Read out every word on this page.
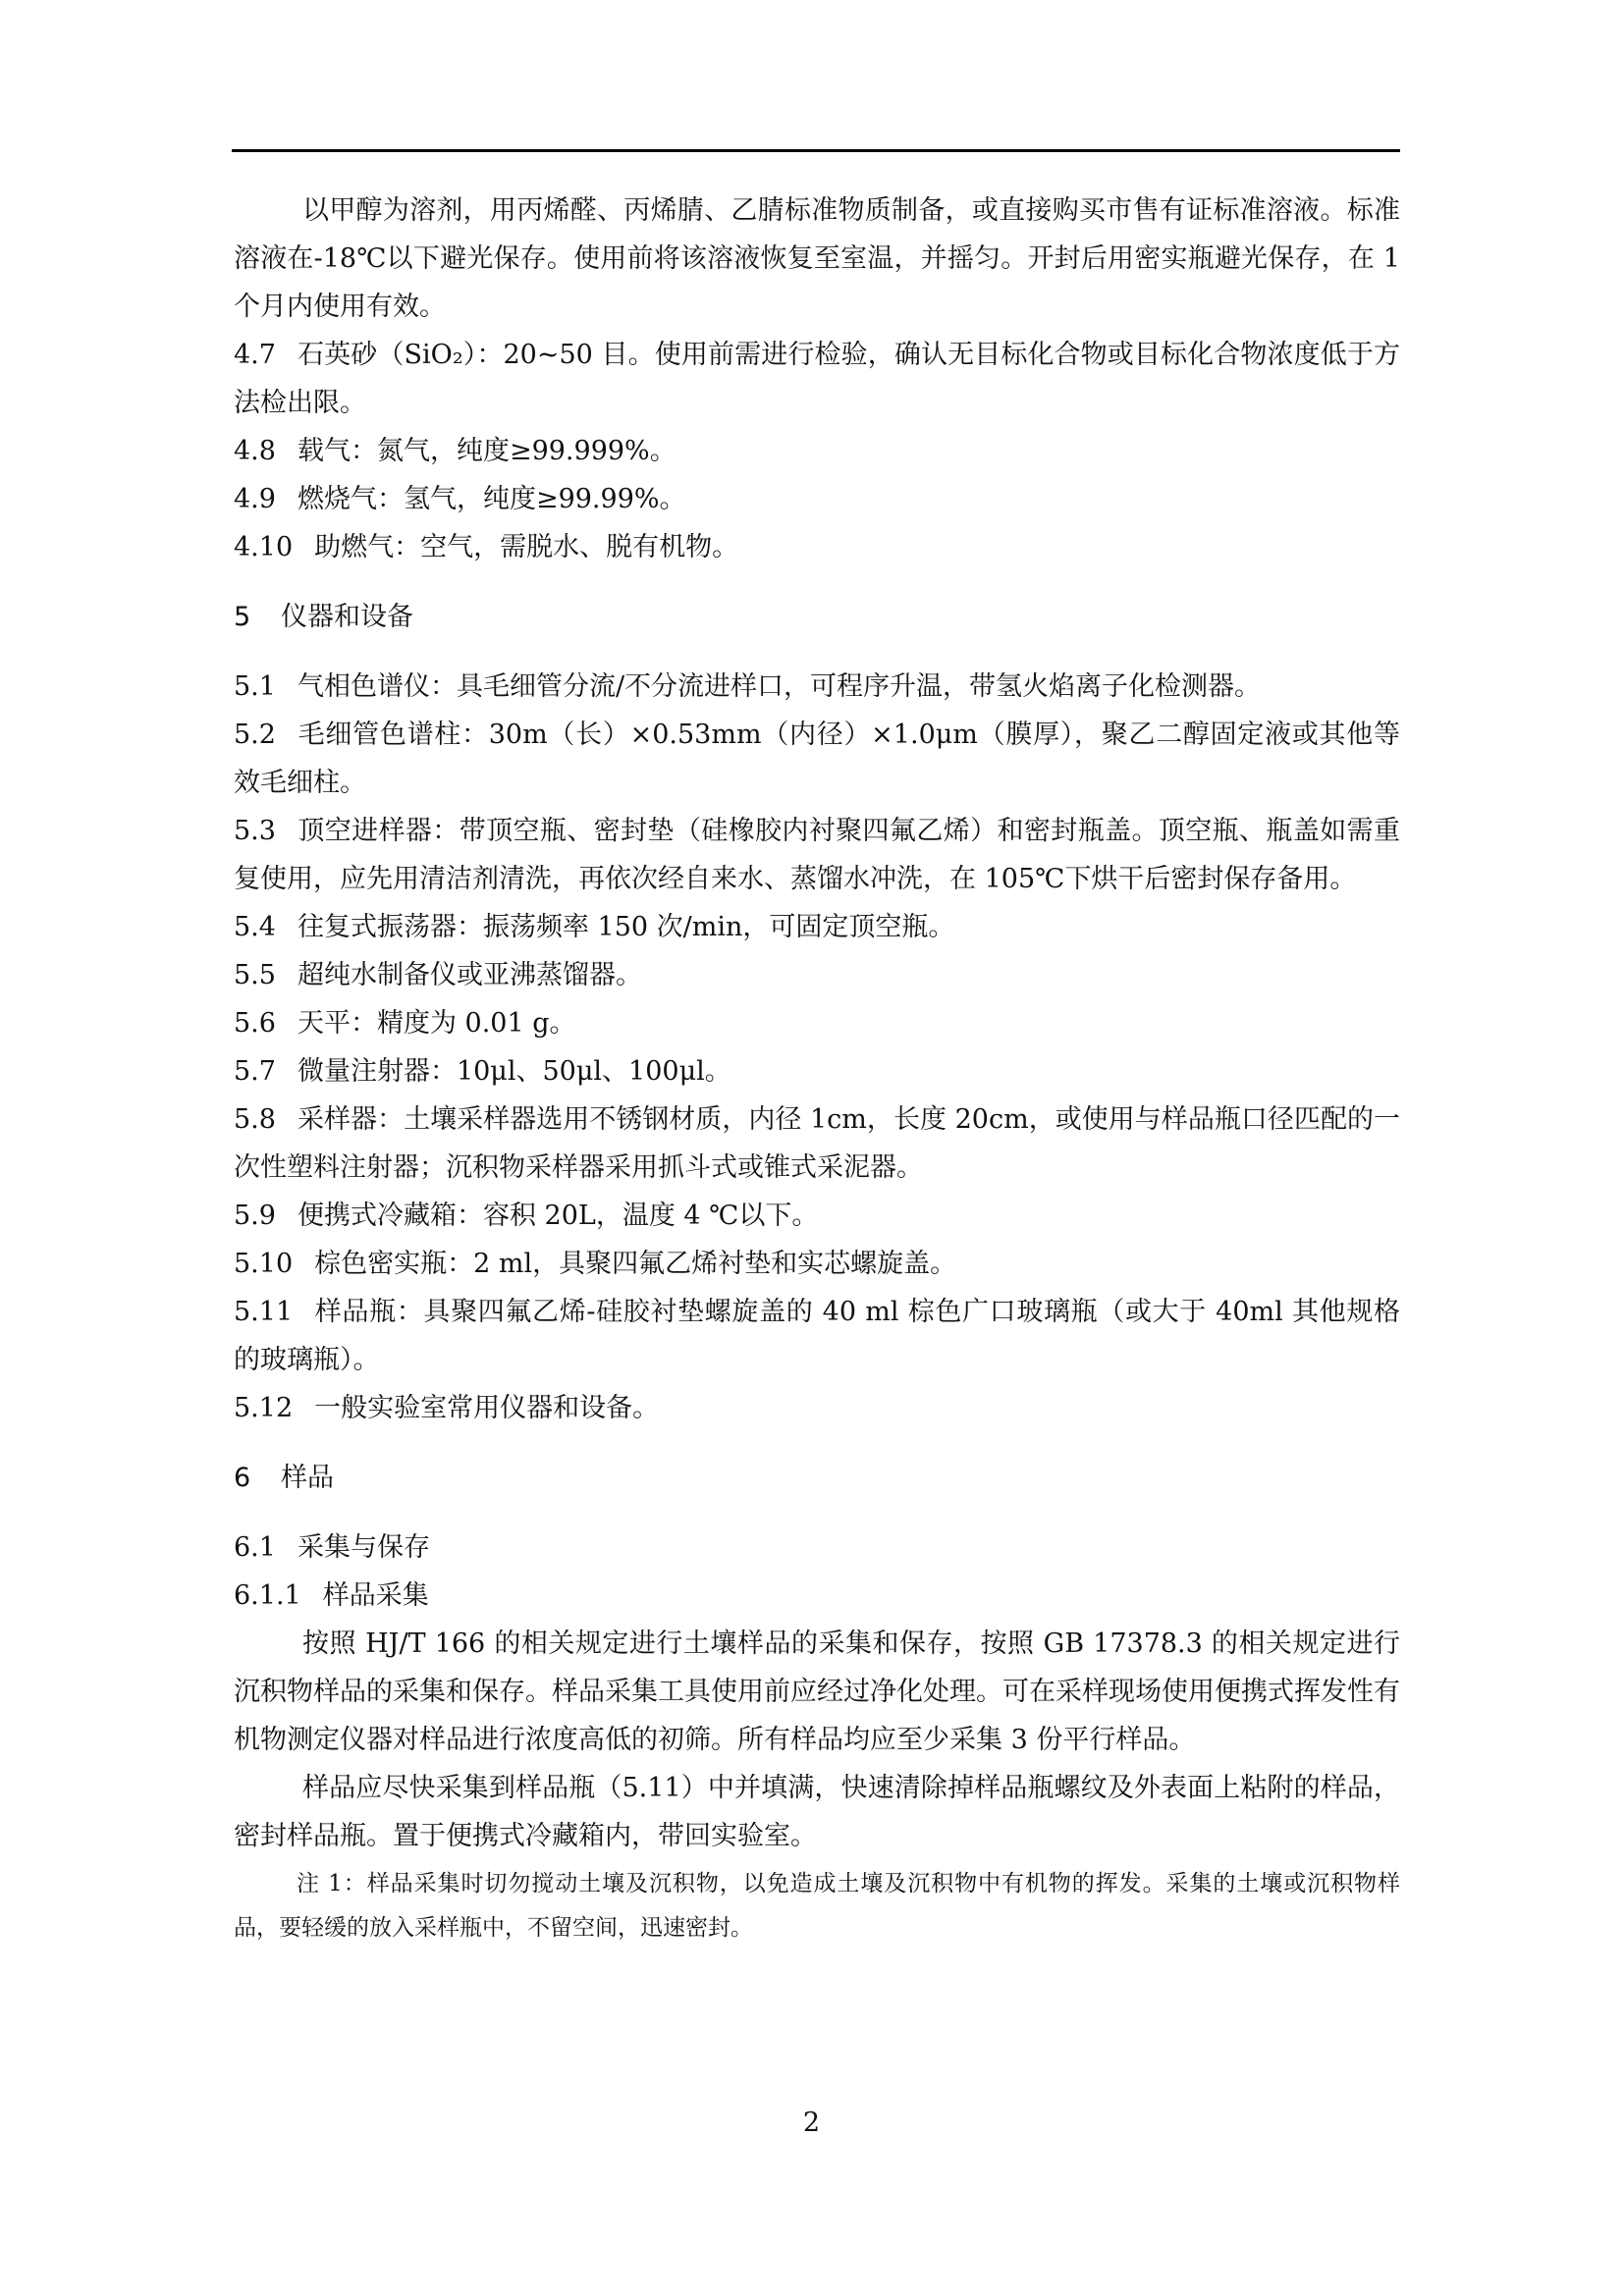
以甲醇为溶剂，用丙烯醛、丙烯腈、乙腈标准物质制备，或直接购买市售有证标准溶液。标准溶液在-18℃以下避光保存。使用前将该溶液恢复至室温，并摇匀。开封后用密实瓶避光保存，在 1 个月内使用有效。

4.7 石英砂（SiO₂）：20~50 目。使用前需进行检验，确认无目标化合物或目标化合物浓度低于方法检出限。

4.8 载气：氮气，纯度≥99.999%。

4.9 燃烧气：氢气，纯度≥99.99%。

4.10 助燃气：空气，需脱水、脱有机物。

5 仪器和设备

5.1 气相色谱仪：具毛细管分流/不分流进样口，可程序升温，带氢火焰离子化检测器。

5.2 毛细管色谱柱：30m（长）×0.53mm（内径）×1.0μm（膜厚），聚乙二醇固定液或其他等效毛细柱。

5.3 顶空进样器：带顶空瓶、密封垫（硅橡胶内衬聚四氟乙烯）和密封瓶盖。顶空瓶、瓶盖如需重复使用，应先用清洁剂清洗，再依次经自来水、蒸馏水冲洗，在 105℃下烘干后密封保存备用。

5.4 往复式振荡器：振荡频率 150 次/min，可固定顶空瓶。

5.5 超纯水制备仪或亚沸蒸馏器。

5.6 天平：精度为 0.01 g。

5.7 微量注射器：10μl、50μl、100μl。

5.8 采样器：土壤采样器选用不锈钢材质，内径 1cm，长度 20cm，或使用与样品瓶口径匹配的一次性塑料注射器；沉积物采样器采用抓斗式或锥式采泥器。

5.9 便携式冷藏箱：容积 20L，温度 4 ℃以下。

5.10 棕色密实瓶：2 ml，具聚四氟乙烯衬垫和实芯螺旋盖。

5.11 样品瓶：具聚四氟乙烯-硅胶衬垫螺旋盖的 40 ml 棕色广口玻璃瓶（或大于 40ml 其他规格的玻璃瓶）。

5.12 一般实验室常用仪器和设备。

6 样品

6.1 采集与保存

6.1.1 样品采集

按照 HJ/T 166 的相关规定进行土壤样品的采集和保存，按照 GB 17378.3 的相关规定进行沉积物样品的采集和保存。样品采集工具使用前应经过净化处理。可在采样现场使用便携式挥发性有机物测定仪器对样品进行浓度高低的初筛。所有样品均应至少采集 3 份平行样品。

样品应尽快采集到样品瓶（5.11）中并填满，快速清除掉样品瓶螺纹及外表面上粘附的样品，密封样品瓶。置于便携式冷藏箱内，带回实验室。

注 1：样品采集时切勿搅动土壤及沉积物，以免造成土壤及沉积物中有机物的挥发。采集的土壤或沉积物样品，要轻缓的放入采样瓶中，不留空间，迅速密封。

2
